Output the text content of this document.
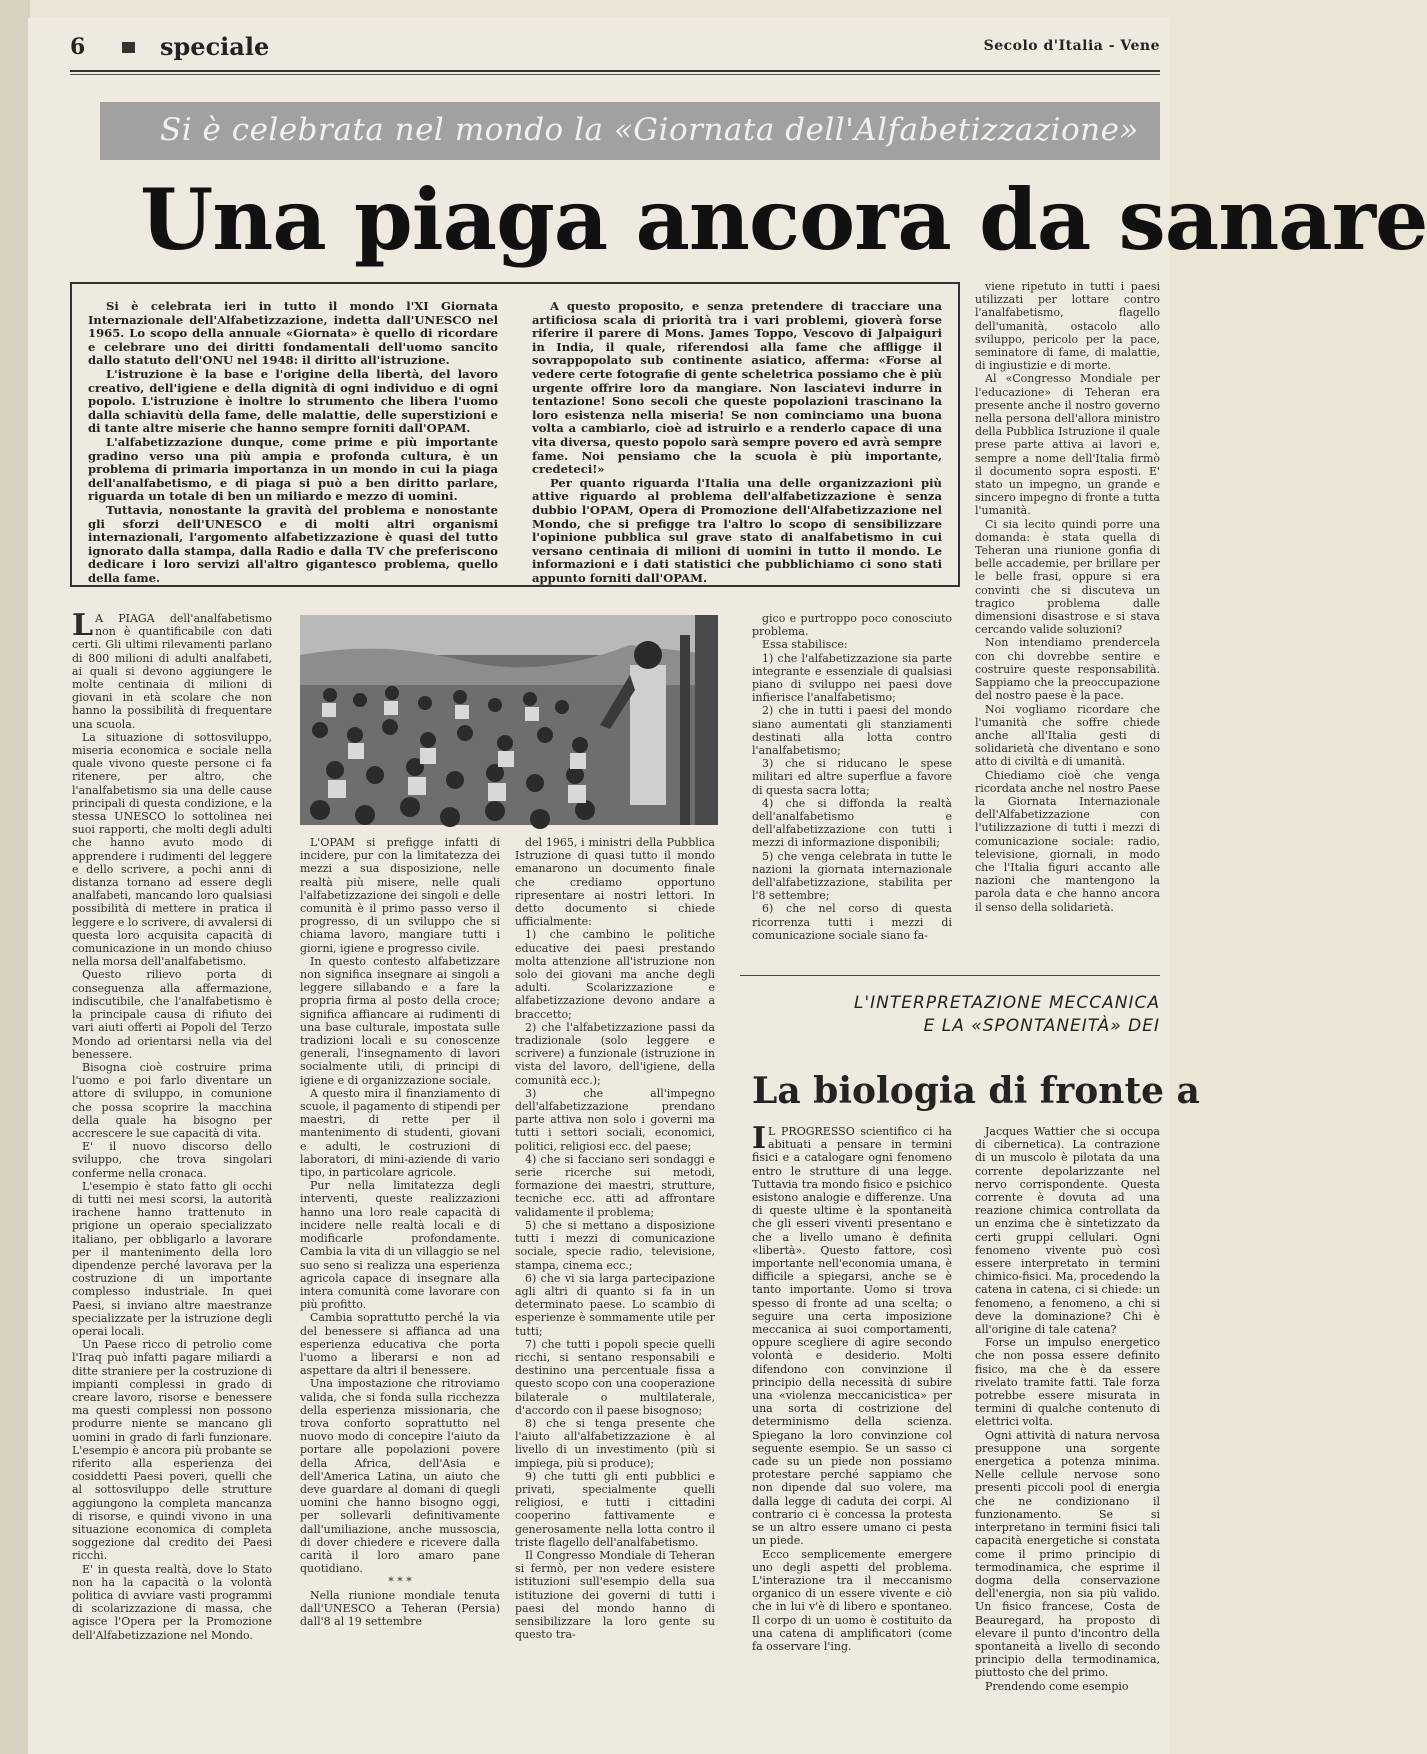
6	speciale	Secolo d'Italia - Vene
Si è celebrata nel mondo la «Giornata dell'Alfabetizzazione»
Una piaga ancora da sanare

Si è celebrata ieri in tutto il mondo l'XI Giornata Internazionale dell'Alfabetizzazione, indetta dall'UNESCO nel 1965. Lo scopo della annuale «Giornata» è quello di ricordare e celebrare uno dei diritti fondamentali dell'uomo sancito dallo statuto dell'ONU nel 1948: il diritto all'istruzione.

L'istruzione è la base e l'origine della libertà, del lavoro creativo, dell'igiene e della dignità di ogni individuo e di ogni popolo. L'istruzione è inoltre lo strumento che libera l'uomo dalla schiavitù della fame, delle malattie, delle superstizioni e di tante altre miserie che hanno sempre forniti dall'OPAM.

L'alfabetizzazione dunque, come prime e più importante gradino verso una più ampia e profonda cultura, è un problema di primaria importanza in un mondo in cui la piaga dell'analfabetismo, e di piaga si può a ben diritto parlare, riguarda un totale di ben un miliardo e mezzo di uomini.

Tuttavia, nonostante la gravità del problema e nonostante gli sforzi dell'UNESCO e di molti altri organismi internazionali, l'argomento alfabetizzazione è quasi del tutto ignorato dalla stampa, dalla Radio e dalla TV che preferiscono dedicare i loro servizi all'altro gigantesco problema, quello della fame.

A questo proposito, e senza pretendere di tracciare una artificiosa scala di priorità tra i vari problemi, gioverà forse riferire il parere di Mons. James Toppo, Vescovo di Jalpaiguri in India, il quale, riferendosi alla fame che affligge il sovrappopolato sub continente asiatico, afferma: «Forse al vedere certe fotografie di gente scheletrica possiamo che è più urgente offrire loro da mangiare. Non lasciatevi indurre in tentazione! Sono secoli che queste popolazioni trascinano la loro esistenza nella miseria! Se non cominciamo una buona volta a cambiarlo, cioè ad istruirlo e a renderlo capace di una vita diversa, questo popolo sarà sempre povero ed avrà sempre fame. Noi pensiamo che la scuola è più importante, credeteci!»

Per quanto riguarda l'Italia una delle organizzazioni più attive riguardo al problema dell'alfabetizzazione è senza dubbio l'OPAM, Opera di Promozione dell'Alfabetizzazione nel Mondo, che si prefigge tra l'altro lo scopo di sensibilizzare l'opinione pubblica sul grave stato di analfabetismo in cui versano centinaia di milioni di uomini in tutto il mondo. Le informazioni e i dati statistici che pubblichiamo ci sono stati appunto forniti dall'OPAM.

L A PIAGA dell'analfabetismo non è quantificabile con dati certi. Gli ultimi rilevamenti parlano di 800 milioni di adulti analfabeti, ai quali si devono aggiungere le molte centinaia di milioni di giovani in età scolare che non hanno la possibilità di frequentare una scuola.

La situazione di sottosviluppo, miseria economica e sociale nella quale vivono queste persone ci fa ritenere, per altro, che l'analfabetismo sia una delle cause principali di questa condizione, e la stessa UNESCO lo sottolinea nei suoi rapporti, che molti degli adulti che hanno avuto modo di apprendere i rudimenti del leggere e dello scrivere, a pochi anni di distanza tornano ad essere degli analfabeti, mancando loro qualsiasi possibilità di mettere in pratica il leggere e lo scrivere, di avvalersi di questa loro acquisita capacità di comunicazione in un mondo chiuso nella morsa dell'analfabetismo.

Questo rilievo porta di conseguenza alla affermazione, indiscutibile, che l'analfabetismo è la principale causa di rifiuto dei vari aiuti offerti ai Popoli del Terzo Mondo ad orientarsi nella via del benessere.

Bisogna cioè costruire prima l'uomo e poi farlo diventare un attore di sviluppo, in comunione che possa scoprire la macchina della quale ha bisogno per accrescere le sue capacità di vita.

E' il nuovo discorso dello sviluppo, che trova singolari conferme nella cronaca.

L'esempio è stato fatto gli occhi di tutti nei mesi scorsi, la autorità irachene hanno trattenuto in prigione un operaio specializzato italiano, per obbligarlo a lavorare per il mantenimento della loro dipendenze perché lavorava per la costruzione di un importante complesso industriale. In quei Paesi, si inviano altre maestranze specializzate per la istruzione degli operai locali.

Un Paese ricco di petrolio come l'Iraq può infatti pagare miliardi a ditte straniere per la costruzione di impianti complessi in grado di creare lavoro, risorse e benessere ma questi complessi non possono produrre niente se mancano gli uomini in grado di farli funzionare. L'esempio è ancora più probante se riferito alla esperienza dei cosiddetti Paesi poveri, quelli che al sottosviluppo delle strutture aggiungono la completa mancanza di risorse, e quindi vivono in una situazione economica di completa soggezione dal credito dei Paesi ricchi.

E' in questa realtà, dove lo Stato non ha la capacità o la volontà politica di avviare vasti programmi di scolarizzazione di massa, che agisce l'Opera per la Promozione dell'Alfabetizzazione nel Mondo.

L'OPAM si prefigge infatti di incidere, pur con la limitatezza dei mezzi a sua disposizione, nelle realtà più misere, nelle quali l'alfabetizzazione dei singoli e delle comunità è il primo passo verso il progresso, di un sviluppo che si chiama lavoro, mangiare tutti i giorni, igiene e progresso civile.

In questo contesto alfabetizzare non significa insegnare ai singoli a leggere sillabando e a fare la propria firma al posto della croce; significa affiancare ai rudimenti di una base culturale, impostata sulle tradizioni locali e su conoscenze generali, l'insegnamento di lavori socialmente utili, di principi di igiene e di organizzazione sociale.

A questo mira il finanziamento di scuole, il pagamento di stipendi per maestri, di rette per il mantenimento di studenti, giovani e adulti, le costruzioni di laboratori, di mini-aziende di vario tipo, in particolare agricole.

Pur nella limitatezza degli interventi, queste realizzazioni hanno una loro reale capacità di incidere nelle realtà locali e di modificarle profondamente. Cambia la vita di un villaggio se nel suo seno si realizza una esperienza agricola capace di insegnare alla intera comunità come lavorare con più profitto.

Cambia soprattutto perché la via del benessere si affianca ad una esperienza educativa che porta l'uomo a liberarsi e non ad aspettare da altri il benessere.

Una impostazione che ritroviamo valida, che si fonda sulla ricchezza della esperienza missionaria, che trova conforto soprattutto nel nuovo modo di concepire l'aiuto da portare alle popolazioni povere della Africa, dell'Asia e dell'America Latina, un aiuto che deve guardare al domani di quegli uomini che hanno bisogno oggi, per sollevarli definitivamente dall'umiliazione, anche mussoscia, di dover chiedere e ricevere dalla carità il loro amaro pane quotidiano.

* * *

Nella riunione mondiale tenuta dall'UNESCO a Teheran (Persia) dall'8 al 19 settembre

del 1965, i ministri della Pubblica Istruzione di quasi tutto il mondo emanarono un documento finale che crediamo opportuno ripresentare ai nostri lettori. In detto documento si chiede ufficialmente:

1) che cambino le politiche educative dei paesi prestando molta attenzione all'istruzione non solo dei giovani ma anche degli adulti. Scolarizzazione e alfabetizzazione devono andare a braccetto;

2) che l'alfabetizzazione passi da tradizionale (solo leggere e scrivere) a funzionale (istruzione in vista del lavoro, dell'igiene, della comunità ecc.);

3) che all'impegno dell'alfabetizzazione prendano parte attiva non solo i governi ma tutti i settori sociali, economici, politici, religiosi ecc. del paese;

4) che si facciano seri sondaggi e serie ricerche sui metodi, formazione dei maestri, strutture, tecniche ecc. atti ad affrontare validamente il problema;

5) che si mettano a disposizione tutti i mezzi di comunicazione sociale, specie radio, televisione, stampa, cinema ecc.;

6) che vi sia larga partecipazione agli altri di quanto si fa in un determinato paese. Lo scambio di esperienze è sommamente utile per tutti;

7) che tutti i popoli specie quelli ricchi, si sentano responsabili e destinino una percentuale fissa a questo scopo con una cooperazione bilaterale o multilaterale, d'accordo con il paese bisognoso;

8) che si tenga presente che l'aiuto all'alfabetizzazione è al livello di un investimento (più si impiega, più si produce);

9) che tutti gli enti pubblici e privati, specialmente quelli religiosi, e tutti i cittadini cooperino fattivamente e generosamente nella lotta contro il triste flagello dell'analfabetismo.

Il Congresso Mondiale di Teheran si fermò, per non vedere esistere istituzioni sull'esempio della sua istituzione dei governi di tutti i paesi del mondo hanno di sensibilizzare la loro gente su questo tra-

gico e purtroppo poco conosciuto problema.

Essa stabilisce:

1) che l'alfabetizzazione sia parte integrante e essenziale di qualsiasi piano di sviluppo nei paesi dove infierisce l'analfabetismo;

2) che in tutti i paesi del mondo siano aumentati gli stanziamenti destinati alla lotta contro l'analfabetismo;

3) che si riducano le spese militari ed altre superflue a favore di questa sacra lotta;

4) che si diffonda la realtà dell'analfabetismo e dell'alfabetizzazione con tutti i mezzi di informazione disponibili;

5) che venga celebrata in tutte le nazioni la giornata internazionale dell'alfabetizzazione, stabilita per l'8 settembre;

6) che nel corso di questa ricorrenza tutti i mezzi di comunicazione sociale siano fa-

viene ripetuto in tutti i paesi utilizzati per lottare contro l'analfabetismo, flagello dell'umanità, ostacolo allo sviluppo, pericolo per la pace, seminatore di fame, di malattie, di ingiustizie e di morte.

Al «Congresso Mondiale per l'educazione» di Teheran era presente anche il nostro governo nella persona dell'allora ministro della Pubblica Istruzione il quale prese parte attiva ai lavori e, sempre a nome dell'Italia firmò il documento sopra esposti. E' stato un impegno, un grande e sincero impegno di fronte a tutta l'umanità.

Ci sia lecito quindi porre una domanda: è stata quella di Teheran una riunione gonfia di belle accademie, per brillare per le belle frasi, oppure si era convinti che si discuteva un tragico problema dalle dimensioni disastrose e si stava cercando valide soluzioni?

Non intendiamo prendercela con chi dovrebbe sentire e costruire queste responsabilità. Sappiamo che la preoccupazione del nostro paese è la pace.

Noi vogliamo ricordare che l'umanità che soffre chiede anche all'Italia gesti di solidarietà che diventano e sono atto di civiltà e di umanità.

Chiediamo cioè che venga ricordata anche nel nostro Paese la Giornata Internazionale dell'Alfabetizzazione con l'utilizzazione di tutti i mezzi di comunicazione sociale: radio, televisione, giornali, in modo che l'Italia figuri accanto alle nazioni che mantengono la parola data e che hanno ancora il senso della solidarietà.

L'INTERPRETAZIONE MECCANICA
E LA «SPONTANEITÀ» DEI
La biologia di fronte a

I L PROGRESSO scientifico ci ha abituati a pensare in termini fisici e a catalogare ogni fenomeno entro le strutture di una legge. Tuttavia tra mondo fisico e psichico esistono analogie e differenze. Una di queste ultime è la spontaneità che gli esseri viventi presentano e che a livello umano è definita «libertà». Questo fattore, così importante nell'economia umana, è difficile a spiegarsi, anche se è tanto importante. Uomo si trova spesso di fronte ad una scelta; o seguire una certa imposizione meccanica ai suoi comportamenti, oppure scegliere di agire secondo volontà e desiderio. Molti difendono con convinzione il principio della necessità di subire una «violenza meccanicistica» per una sorta di costrizione del determinismo della scienza. Spiegano la loro convinzione col seguente esempio. Se un sasso ci cade su un piede non possiamo protestare perché sappiamo che non dipende dal suo volere, ma dalla legge di caduta dei corpi. Al contrario ci è concessa la protesta se un altro essere umano ci pesta un piede.

Ecco semplicemente emergere uno degli aspetti del problema. L'interazione tra il meccanismo organico di un essere vivente e ciò che in lui v'è di libero e spontaneo. Il corpo di un uomo è costituito da una catena di amplificatori (come fa osservare l'ing.

Jacques Wattier che si occupa di cibernetica). La contrazione di un muscolo è pilotata da una corrente depolarizzante nel nervo corrispondente. Questa corrente è dovuta ad una reazione chimica controllata da un enzima che è sintetizzato da certi gruppi cellulari. Ogni fenomeno vivente può così essere interpretato in termini chimico-fisici. Ma, procedendo la catena in catena, ci si chiede: un fenomeno, a fenomeno, a chi si deve la dominazione? Chi è all'origine di tale catena?

Forse un impulso energetico che non possa essere definito fisico, ma che è da essere rivelato tramite fatti. Tale forza potrebbe essere misurata in termini di qualche contenuto di elettrici volta.

Ogni attività di natura nervosa presuppone una sorgente energetica a potenza minima. Nelle cellule nervose sono presenti piccoli pool di energia che ne condizionano il funzionamento. Se si interpretano in termini fisici tali capacità energetiche si constata come il primo principio di termodinamica, che esprime il dogma della conservazione dell'energia, non sia più valido. Un fisico francese, Costa de Beauregard, ha proposto di elevare il punto d'incontro della spontaneità a livello di secondo principio della termodinamica, piuttosto che del primo.

Prendendo come esempio
